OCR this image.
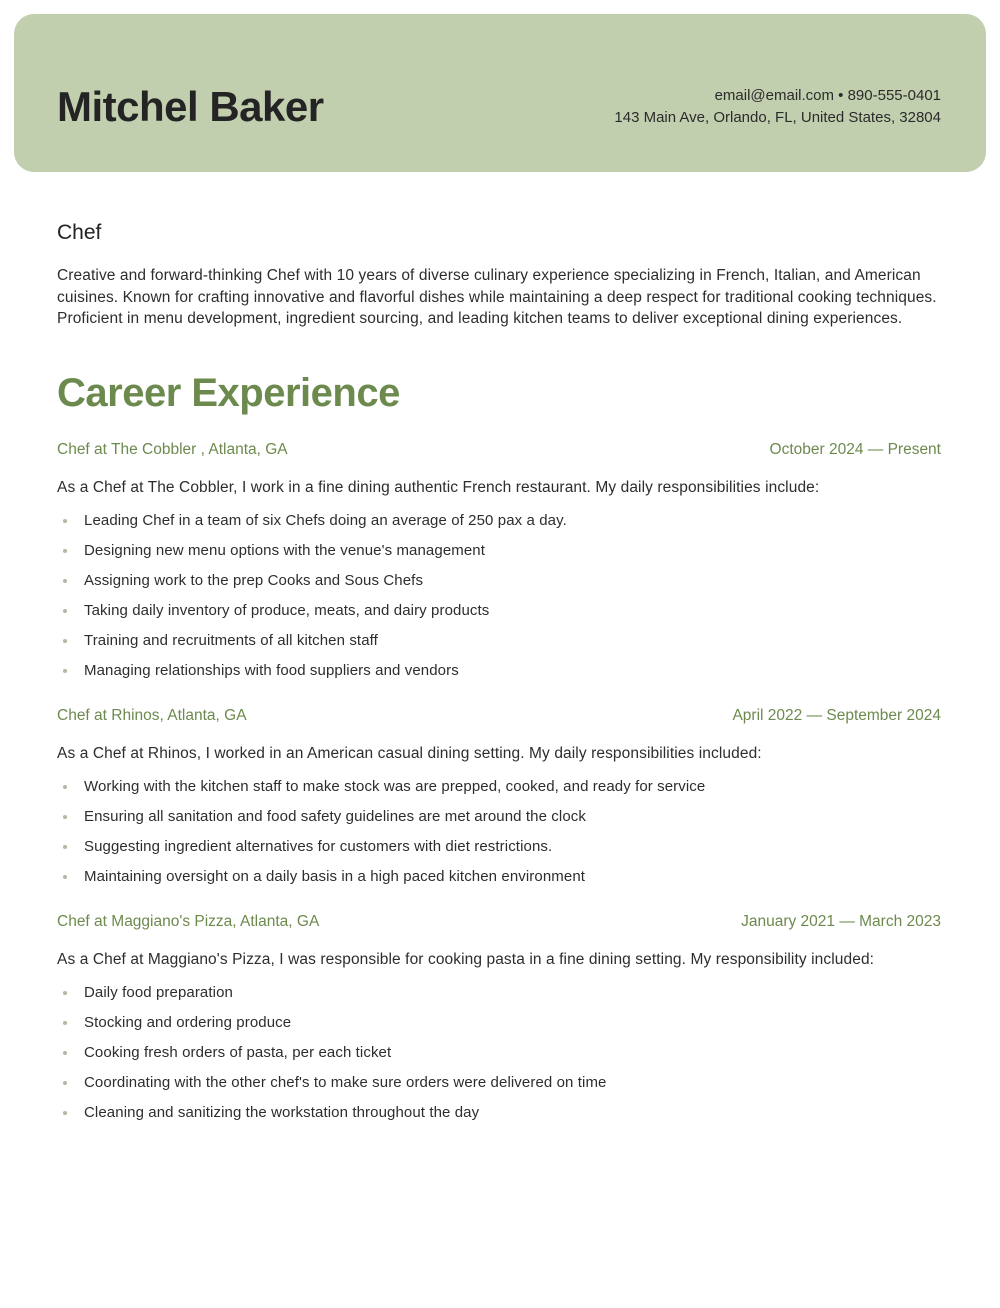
Mitchel Baker	email@email.com • 890-555-0401
143 Main Ave, Orlando, FL, United States, 32804
Chef

Creative and forward-thinking Chef with 10 years of diverse culinary experience specializing in French, Italian, and American cuisines. Known for crafting innovative and flavorful dishes while maintaining a deep respect for traditional cooking techniques. Proficient in menu development, ingredient sourcing, and leading kitchen teams to deliver exceptional dining experiences.

Career Experience
Chef at The Cobbler , Atlanta, GA	October 2024 — Present

As a Chef at The Cobbler, I work in a fine dining authentic French restaurant. My daily responsibilities include:

Leading Chef in a team of six Chefs doing an average of 250 pax a day.
Designing new menu options with the venue's management
Assigning work to the prep Cooks and Sous Chefs
Taking daily inventory of produce, meats, and dairy products
Training and recruitments of all kitchen staff
Managing relationships with food suppliers and vendors
Chef at Rhinos, Atlanta, GA	April 2022 — September 2024

As a Chef at Rhinos, I worked in an American casual dining setting. My daily responsibilities included:

Working with the kitchen staff to make stock was are prepped, cooked, and ready for service
Ensuring all sanitation and food safety guidelines are met around the clock
Suggesting ingredient alternatives for customers with diet restrictions.
Maintaining oversight on a daily basis in a high paced kitchen environment
Chef at Maggiano's Pizza, Atlanta, GA	January 2021 — March 2023

As a Chef at Maggiano's Pizza, I was responsible for cooking pasta in a fine dining setting. My responsibility included:

Daily food preparation
Stocking and ordering produce
Cooking fresh orders of pasta, per each ticket
Coordinating with the other chef's to make sure orders were delivered on time
Cleaning and sanitizing the workstation throughout the day
